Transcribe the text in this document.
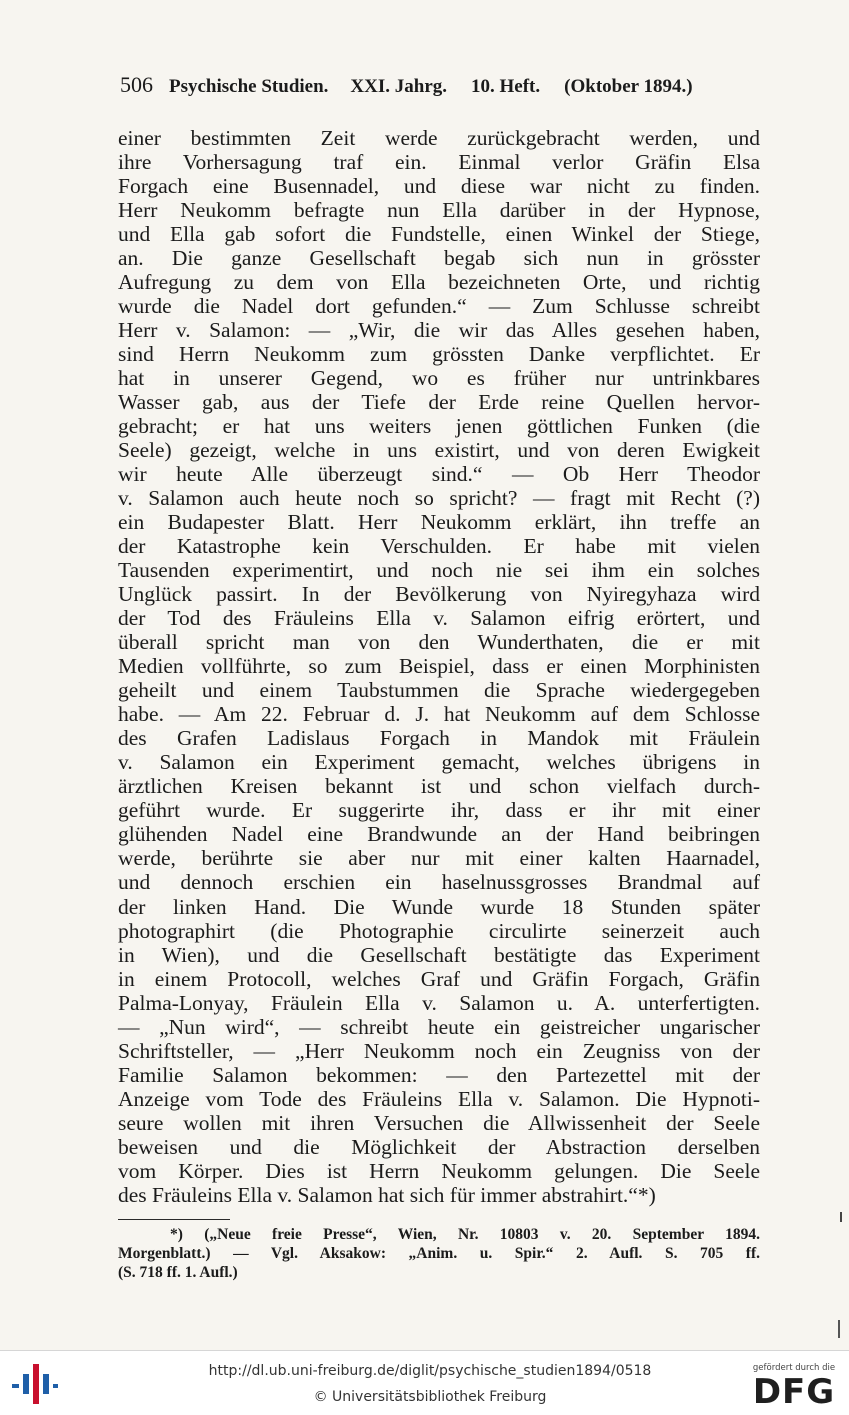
506 Psychische Studien. XXI. Jahrg. 10. Heft. (Oktober 1894.)
einer bestimmten Zeit werde zurückgebracht werden, und
ihre Vorhersagung traf ein. Einmal verlor Gräfin Elsa
Forgach eine Busennadel, und diese war nicht zu finden.
Herr Neukomm befragte nun Ella darüber in der Hypnose,
und Ella gab sofort die Fundstelle, einen Winkel der Stiege,
an. Die ganze Gesellschaft begab sich nun in grösster
Aufregung zu dem von Ella bezeichneten Orte, und richtig
wurde die Nadel dort gefunden.“ — Zum Schlusse schreibt
Herr v. Salamon: — „Wir, die wir das Alles gesehen haben,
sind Herrn Neukomm zum grössten Danke verpflichtet. Er
hat in unserer Gegend, wo es früher nur untrinkbares
Wasser gab, aus der Tiefe der Erde reine Quellen hervor-
gebracht; er hat uns weiters jenen göttlichen Funken (die
Seele) gezeigt, welche in uns existirt, und von deren Ewigkeit
wir heute Alle überzeugt sind.“ — Ob Herr Theodor
v. Salamon auch heute noch so spricht? — fragt mit Recht (?)
ein Budapester Blatt. Herr Neukomm erklärt, ihn treffe an
der Katastrophe kein Verschulden. Er habe mit vielen
Tausenden experimentirt, und noch nie sei ihm ein solches
Unglück passirt. In der Bevölkerung von Nyiregyhaza wird
der Tod des Fräuleins Ella v. Salamon eifrig erörtert, und
überall spricht man von den Wunderthaten, die er mit
Medien vollführte, so zum Beispiel, dass er einen Morphinisten
geheilt und einem Taubstummen die Sprache wiedergegeben
habe. — Am 22. Februar d. J. hat Neukomm auf dem Schlosse
des Grafen Ladislaus Forgach in Mandok mit Fräulein
v. Salamon ein Experiment gemacht, welches übrigens in
ärztlichen Kreisen bekannt ist und schon vielfach durch-
geführt wurde. Er suggerirte ihr, dass er ihr mit einer
glühenden Nadel eine Brandwunde an der Hand beibringen
werde, berührte sie aber nur mit einer kalten Haarnadel,
und dennoch erschien ein haselnussgrosses Brandmal auf
der linken Hand. Die Wunde wurde 18 Stunden später
photographirt (die Photographie circulirte seinerzeit auch
in Wien), und die Gesellschaft bestätigte das Experiment
in einem Protocoll, welches Graf und Gräfin Forgach, Gräfin
Palma-Lonyay, Fräulein Ella v. Salamon u. A. unterfertigten.
— „Nun wird“, — schreibt heute ein geistreicher ungarischer
Schriftsteller, — „Herr Neukomm noch ein Zeugniss von der
Familie Salamon bekommen: — den Partezettel mit der
Anzeige vom Tode des Fräuleins Ella v. Salamon. Die Hypnoti-
seure wollen mit ihren Versuchen die Allwissenheit der Seele
beweisen und die Möglichkeit der Abstraction derselben
vom Körper. Dies ist Herrn Neukomm gelungen. Die Seele
des Fräuleins Ella v. Salamon hat sich für immer abstrahirt.“*)
*) („Neue freie Presse“, Wien, Nr. 10803 v. 20. September 1894.
Morgenblatt.) — Vgl. Aksakow: „Anim. u. Spir.“ 2. Aufl. S. 705 ff.
(S. 718 ff. 1. Aufl.)
http://dl.ub.uni-freiburg.de/diglit/psychische_studien1894/0518
© Universitätsbibliothek Freiburg
gefördert durch die
DFG
